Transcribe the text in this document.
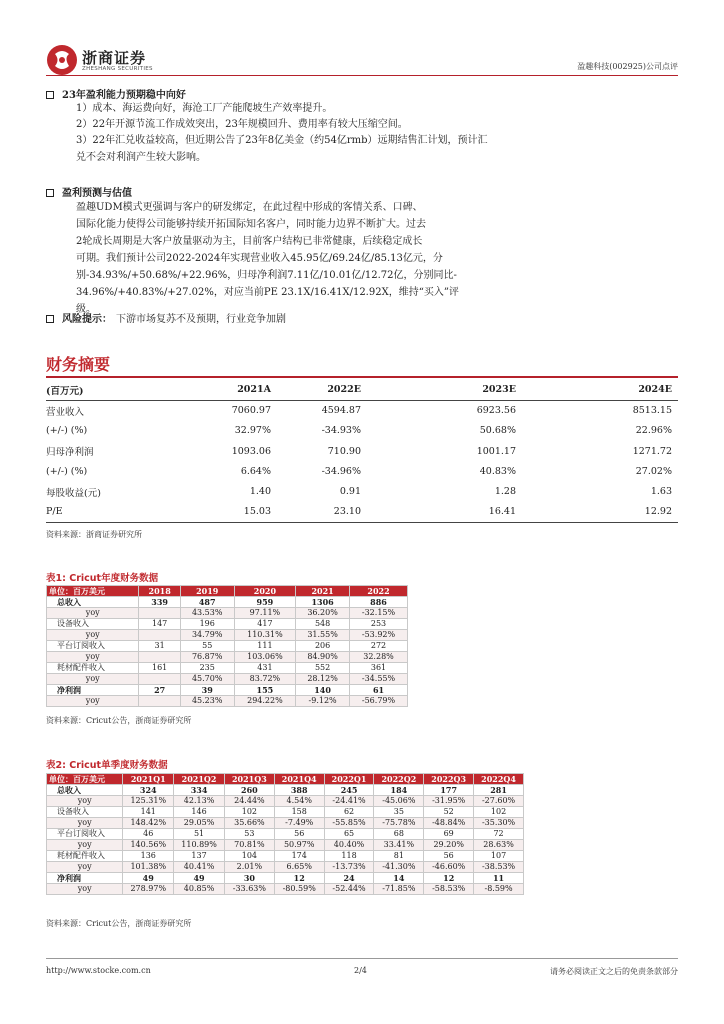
浙商证券
ZHESHANG SECURITIES	盈趣科技(002925)公司点评
23年盈利能力预期稳中向好
1）成本、海运费向好，海沧工厂产能爬坡生产效率提升。
2）22年开源节流工作成效突出，23年规模回升、费用率有较大压缩空间。
3）22年汇兑收益较高，但近期公告了23年8亿美金（约54亿rmb）远期结售汇计划，预计汇兑不会对利润产生较大影响。
盈利预测与估值
盈趣UDM模式更强调与客户的研发绑定，在此过程中形成的客情关系、口碑、
国际化能力使得公司能够持续开拓国际知名客户，同时能力边界不断扩大。过去
2轮成长周期是大客户放量驱动为主，目前客户结构已非常健康，后续稳定成长
可期。我们预计公司2022-2024年实现营业收入45.95亿/69.24亿/85.13亿元，分
别-34.93%/+50.68%/+22.96%，归母净利润7.11亿/10.01亿/12.72亿，分别同比-
34.96%/+40.83%/+27.02%，对应当前PE 23.1X/16.41X/12.92X，维持“买入”评
级。
风险提示： 下游市场复苏不及预期，行业竞争加剧
财务摘要
(百万元)	2021A	2022E	2023E	2024E
营业收入	7060.97	4594.87	6923.56	8513.15
(+/-) (%)	32.97%	-34.93%	50.68%	22.96%
归母净利润	1093.06	710.90	1001.17	1271.72
(+/-) (%)	6.64%	-34.96%	40.83%	27.02%
每股收益(元)	1.40	0.91	1.28	1.63
P/E	15.03	23.10	16.41	12.92
资料来源：浙商证券研究所
表1: Cricut年度财务数据
单位：百万美元	2018	2019	2020	2021	2022
总收入	339	487	959	1306	886
yoy		43.53%	97.11%	36.20%	-32.15%
设备收入	147	196	417	548	253
yoy		34.79%	110.31%	31.55%	-53.92%
平台订阅收入	31	55	111	206	272
yoy		76.87%	103.06%	84.90%	32.28%
耗材配件收入	161	235	431	552	361
yoy		45.70%	83.72%	28.12%	-34.55%
净利润	27	39	155	140	61
yoy		45.23%	294.22%	-9.12%	-56.79%
资料来源：Cricut公告，浙商证券研究所
表2: Cricut单季度财务数据
单位：百万美元	2021Q1	2021Q2	2021Q3	2021Q4	2022Q1	2022Q2	2022Q3	2022Q4
总收入	324	334	260	388	245	184	177	281
yoy	125.31%	42.13%	24.44%	4.54%	-24.41%	-45.06%	-31.95%	-27.60%
设备收入	141	146	102	158	62	35	52	102
yoy	148.42%	29.05%	35.66%	-7.49%	-55.85%	-75.78%	-48.84%	-35.30%
平台订阅收入	46	51	53	56	65	68	69	72
yoy	140.56%	110.89%	70.81%	50.97%	40.40%	33.41%	29.20%	28.63%
耗材配件收入	136	137	104	174	118	81	56	107
yoy	101.38%	40.41%	2.01%	6.65%	-13.73%	-41.30%	-46.60%	-38.53%
净利润	49	49	30	12	24	14	12	11
yoy	278.97%	40.85%	-33.63%	-80.59%	-52.44%	-71.85%	-58.53%	-8.59%
资料来源：Cricut公告，浙商证券研究所
http://www.stocke.com.cn	2/4	请务必阅读正文之后的免责条款部分
